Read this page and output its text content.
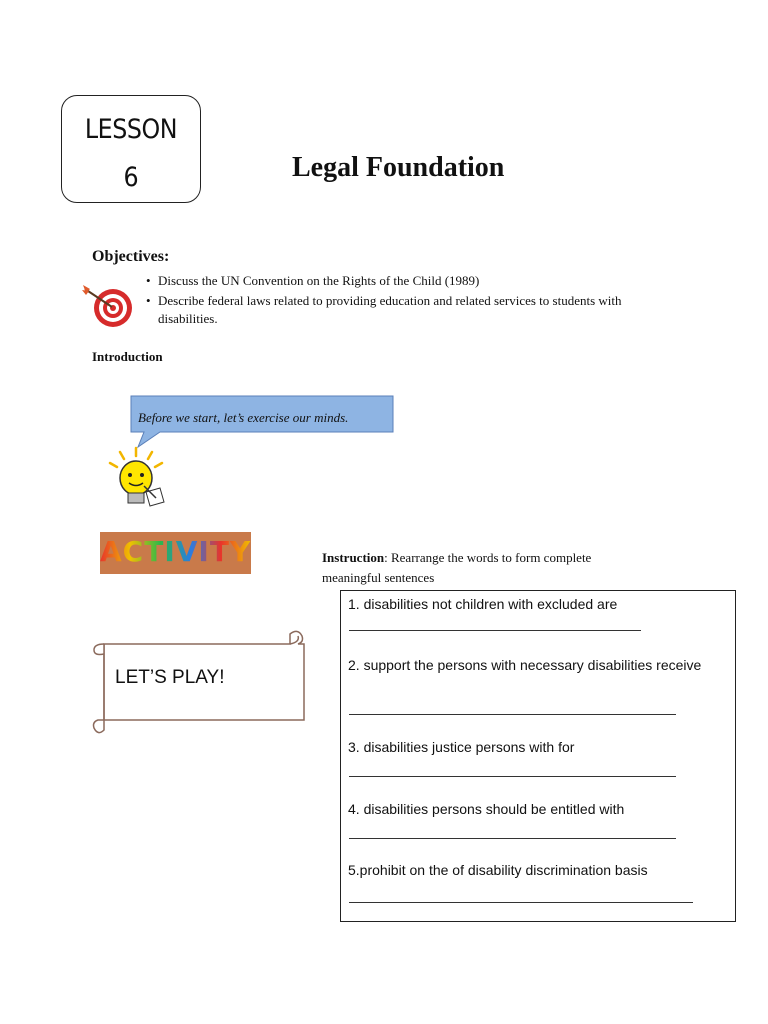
LESSON
6	Legal Foundation
Objectives:
• Discuss the UN Convention on the Rights of the Child (1989)
• Describe federal laws related to providing education and related services to students with disabilities.
Introduction
Before we start, let’s exercise our minds.
ACTIVITY	Instruction: Rearrange the words to form complete meaningful sentences
LET’S PLAY!
1. disabilities not children with excluded are
2. support the persons with necessary disabilities receive
3. disabilities justice persons with for
4. disabilities persons should be entitled with
5.prohibit on the of disability discrimination basis
